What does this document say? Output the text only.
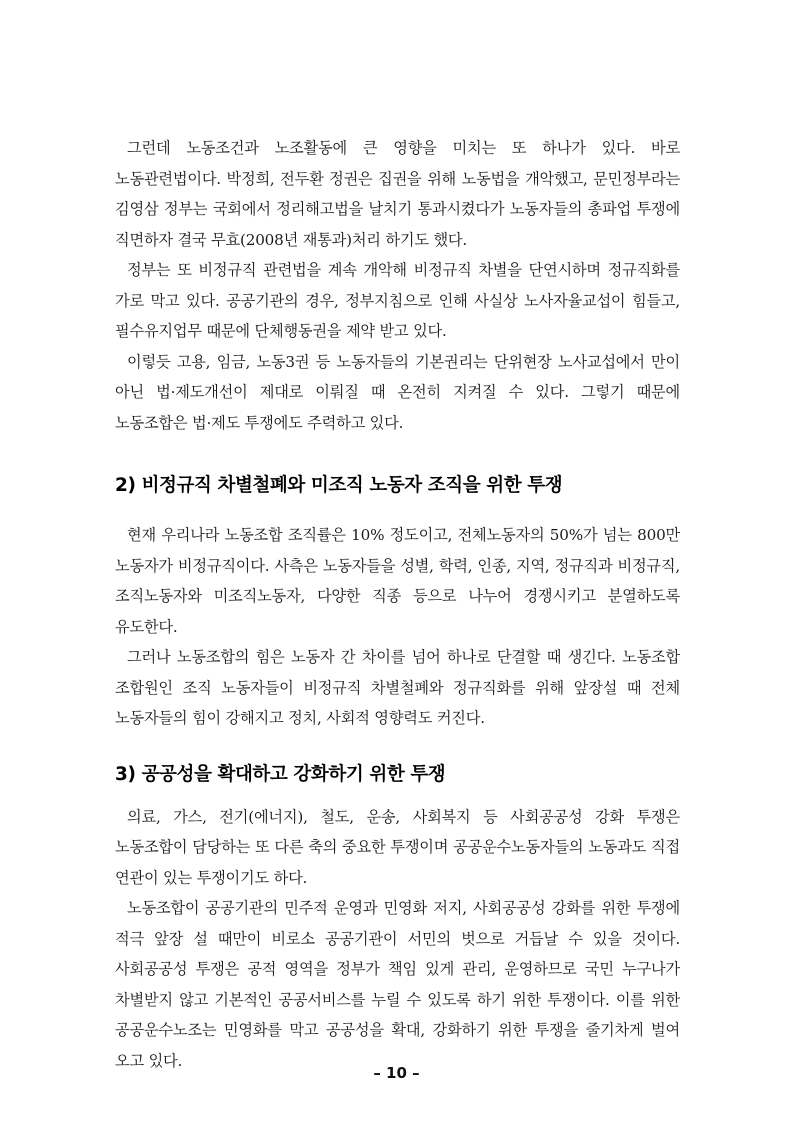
그런데 노동조건과 노조활동에 큰 영향을 미치는 또 하나가 있다. 바로 노동관련법이다. 박정희, 전두환 정권은 집권을 위해 노동법을 개악했고, 문민정부라는 김영삼 정부는 국회에서 정리해고법을 날치기 통과시켰다가 노동자들의 총파업 투쟁에 직면하자 결국 무효(2008년 재통과)처리 하기도 했다.

정부는 또 비정규직 관련법을 계속 개악해 비정규직 차별을 단연시하며 정규직화를 가로 막고 있다. 공공기관의 경우, 정부지침으로 인해 사실상 노사자율교섭이 힘들고, 필수유지업무 때문에 단체행동권을 제약 받고 있다.

이렇듯 고용, 임금, 노동3권 등 노동자들의 기본권리는 단위현장 노사교섭에서 만이 아닌 법·제도개선이 제대로 이뤄질 때 온전히 지켜질 수 있다. 그렇기 때문에 노동조합은 법·제도 투쟁에도 주력하고 있다.

2) 비정규직 차별철폐와 미조직 노동자 조직을 위한 투쟁

현재 우리나라 노동조합 조직률은 10% 정도이고, 전체노동자의 50%가 넘는 800만 노동자가 비정규직이다. 사측은 노동자들을 성별, 학력, 인종, 지역, 정규직과 비정규직, 조직노동자와 미조직노동자, 다양한 직종 등으로 나누어 경쟁시키고 분열하도록 유도한다.

그러나 노동조합의 힘은 노동자 간 차이를 넘어 하나로 단결할 때 생긴다. 노동조합 조합원인 조직 노동자들이 비정규직 차별철폐와 정규직화를 위해 앞장설 때 전체 노동자들의 힘이 강해지고 정치, 사회적 영향력도 커진다.

3) 공공성을 확대하고 강화하기 위한 투쟁

의료, 가스, 전기(에너지), 철도, 운송, 사회복지 등 사회공공성 강화 투쟁은 노동조합이 담당하는 또 다른 축의 중요한 투쟁이며 공공운수노동자들의 노동과도 직접 연관이 있는 투쟁이기도 하다.

노동조합이 공공기관의 민주적 운영과 민영화 저지, 사회공공성 강화를 위한 투쟁에 적극 앞장 설 때만이 비로소 공공기관이 서민의 벗으로 거듭날 수 있을 것이다. 사회공공성 투쟁은 공적 영역을 정부가 책임 있게 관리, 운영하므로 국민 누구나가 차별받지 않고 기본적인 공공서비스를 누릴 수 있도록 하기 위한 투쟁이다. 이를 위한 공공운수노조는 민영화를 막고 공공성을 확대, 강화하기 위한 투쟁을 줄기차게 벌여 오고 있다.

– 10 –
